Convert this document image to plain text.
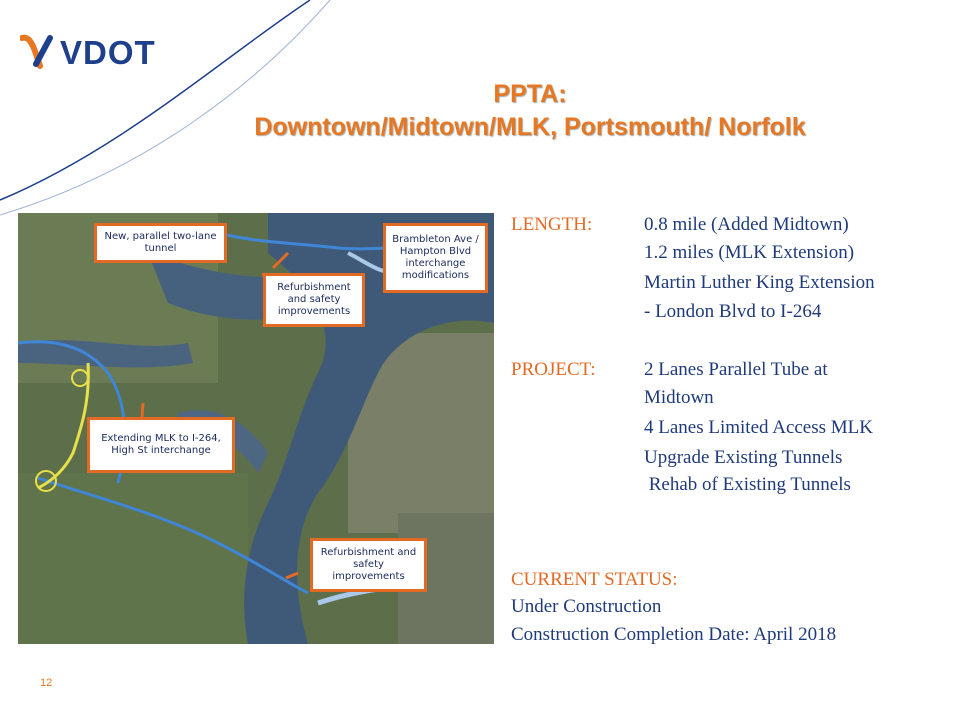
VDOT
PPTA:
Downtown/Midtown/MLK, Portsmouth/ Norfolk
New, parallel two-lane tunnel
Brambleton Ave / Hampton Blvd interchange modifications
Refurbishment and safety improvements
Extending MLK to I-264, High St interchange
Refurbishment and safety improvements
LENGTH:	0.8 mile (Added Midtown)
1.2 miles (MLK Extension)
Martin Luther King Extension
- London Blvd to I-264
PROJECT:	2 Lanes Parallel Tube at
Midtown
4 Lanes Limited Access MLK
Upgrade Existing Tunnels
Rehab of Existing Tunnels
CURRENT STATUS:
Under Construction
Construction Completion Date: April 2018
12
